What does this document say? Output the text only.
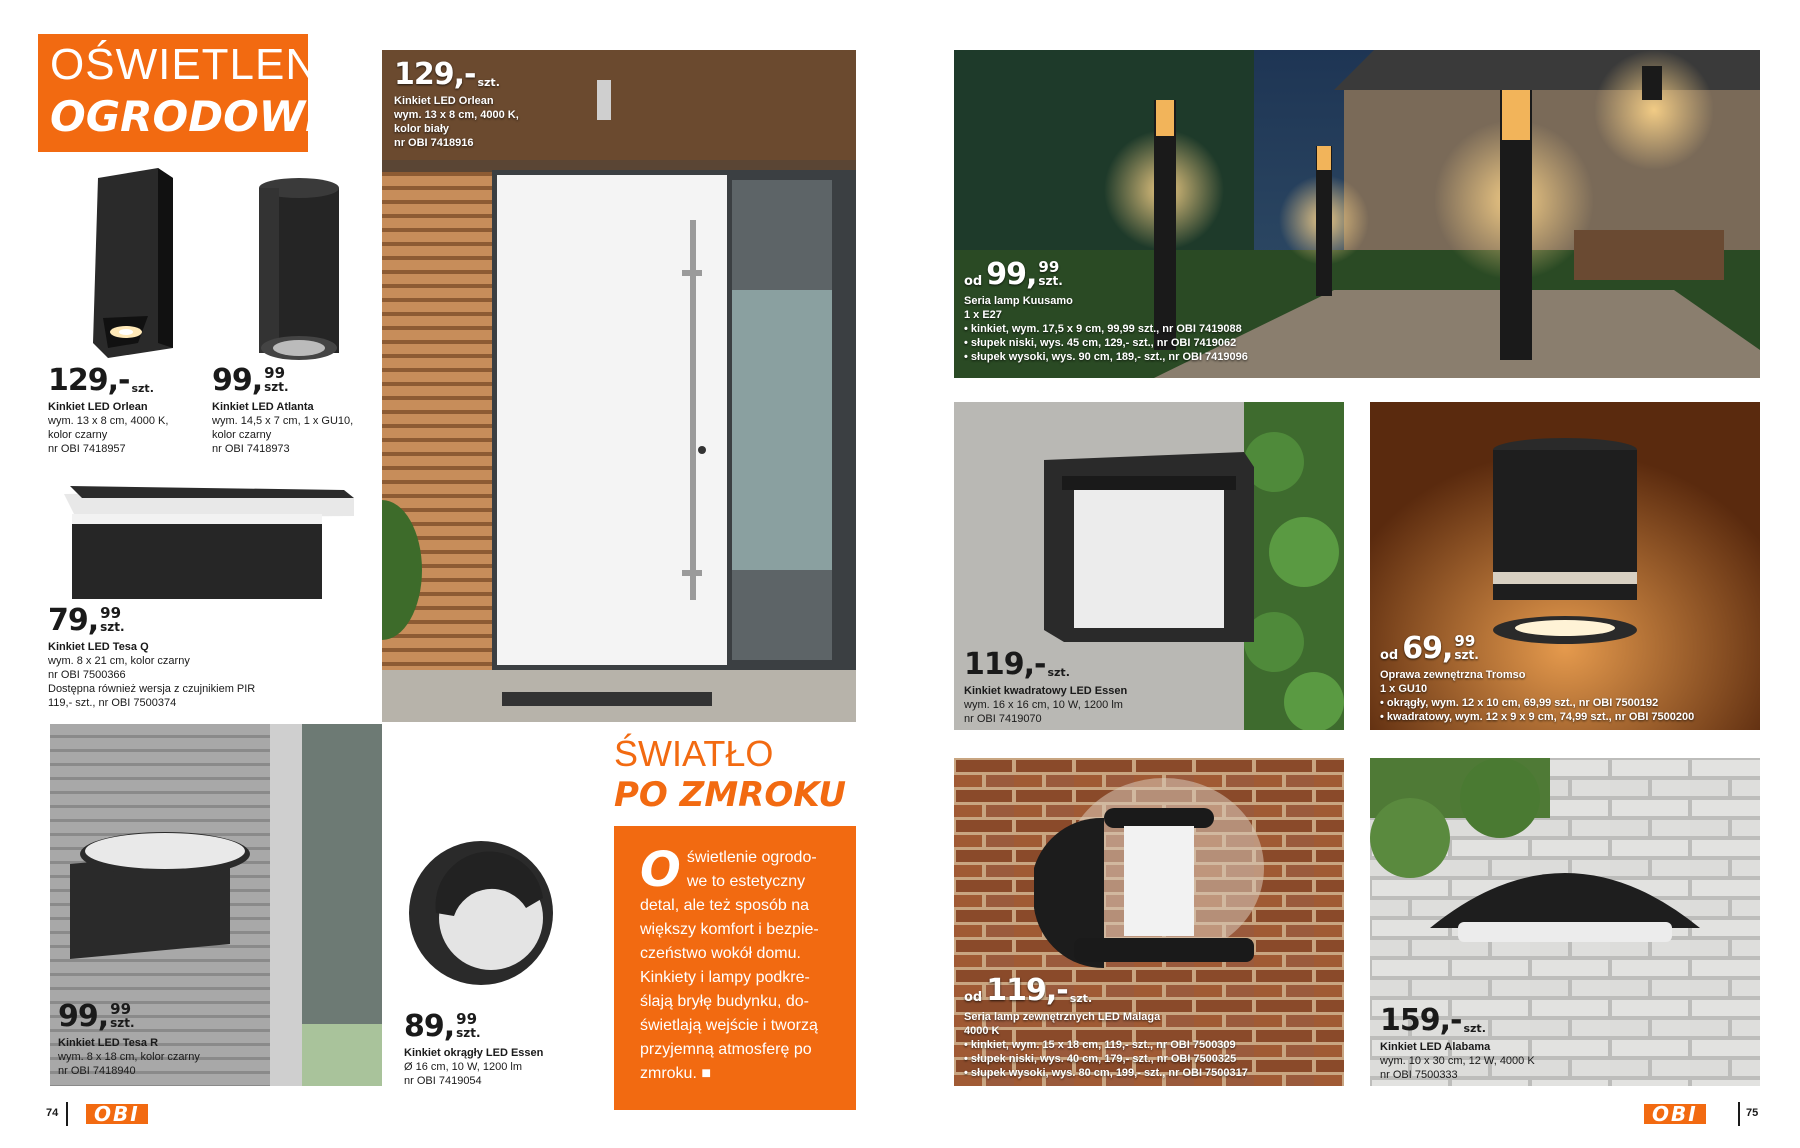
OŚWIETLENIE
OGRODOWE
129,- szt.
Kinkiet LED Orlean
wym. 13 x 8 cm, 4000 K,
kolor czarny
nr OBI 7418957
99, 99
szt.
Kinkiet LED Atlanta
wym. 14,5 x 7 cm, 1 x GU10,
kolor czarny
nr OBI 7418973
79, 99
szt.
Kinkiet LED Tesa Q
wym. 8 x 21 cm, kolor czarny
nr OBI 7500366
Dostępna również wersja z czujnikiem PIR
119,- szt., nr OBI 7500374
129,- szt.
Kinkiet LED Orlean
wym. 13 x 8 cm, 4000 K,
kolor biały
nr OBI 7418916
99, 99
szt.
Kinkiet LED Tesa R
wym. 8 x 18 cm, kolor czarny
nr OBI 7418940
89, 99
szt.
Kinkiet okrągły LED Essen
Ø 16 cm, 10 W, 1200 lm
nr OBI 7419054
ŚWIATŁO
PO ZMROKU
O świetlenie ogrodo-we to estetyczny detal, ale też sposób na większy komfort i bezpie-czeństwo wokół domu. Kinkiety i lampy podkre-ślają bryłę budynku, do-świetlają wejście i tworzą przyjemną atmosferę po zmroku. ■
74	OBI
od 99, 99
szt.
Seria lamp Kuusamo
1 x E27
• kinkiet, wym. 17,5 x 9 cm, 99,99 szt., nr OBI 7419088
• słupek niski, wys. 45 cm, 129,- szt., nr OBI 7419062
• słupek wysoki, wys. 90 cm, 189,- szt., nr OBI 7419096
119,- szt.
Kinkiet kwadratowy LED Essen
wym. 16 x 16 cm, 10 W, 1200 lm
nr OBI 7419070
od 69, 99
szt.
Oprawa zewnętrzna Tromso
1 x GU10
• okrągły, wym. 12 x 10 cm, 69,99 szt., nr OBI 7500192
• kwadratowy, wym. 12 x 9 x 9 cm, 74,99 szt., nr OBI 7500200
od 119,- szt.
Seria lamp zewnętrznych LED Malaga
4000 K
• kinkiet, wym. 15 x 18 cm, 119,- szt., nr OBI 7500309
• słupek niski, wys. 40 cm, 179,- szt., nr OBI 7500325
• słupek wysoki, wys. 80 cm, 199,- szt., nr OBI 7500317
159,- szt.
Kinkiet LED Alabama
wym. 10 x 30 cm, 12 W, 4000 K
nr OBI 7500333
OBI	75
